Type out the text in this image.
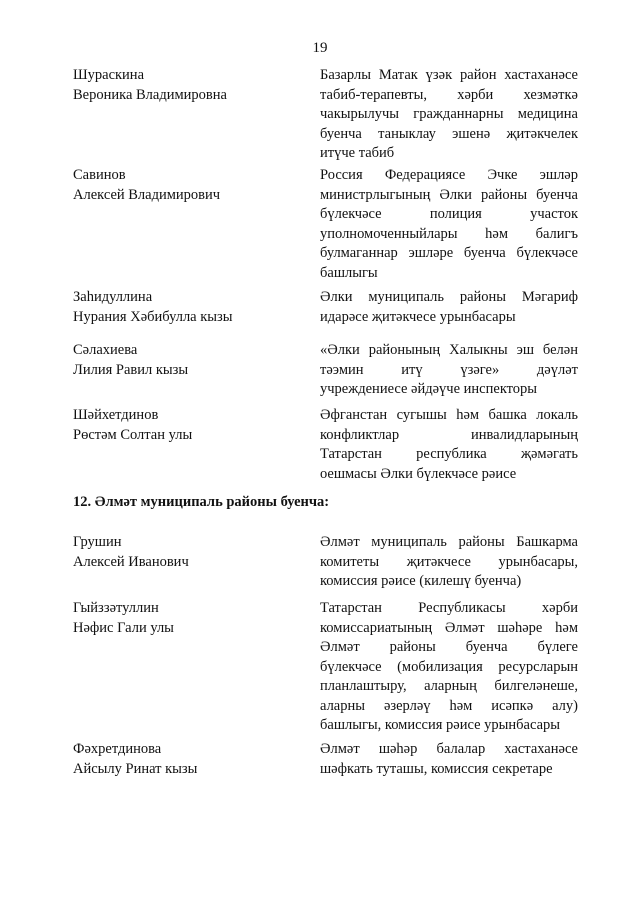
19
Шураскина
Вероника Владимировна
Базарлы Матак үзәк район хастаханәсе
табиб-терапевты, хәрби хезмәткә
чакырылучы гражданнарны медицина
буенча таныклау эшенә җитәкчелек
итүче табиб
Савинов
Алексей Владимирович
Россия Федерациясе Эчке эшләр
министрлыгының Әлки районы буенча
бүлекчәсе полиция участок
уполномоченныйлары һәм балигъ
булмаганнар эшләре буенча бүлекчәсе
башлыгы
Заһидуллина
Нурания Хәбибулла кызы
Әлки муниципаль районы Мәгариф
идарәсе җитәкчесе урынбасары
Сәлахиева
Лилия Равил кызы
«Әлки районының Халыкны эш белән
тәэмин итү үзәге» дәүләт
учреждениесе әйдәүче инспекторы
Шәйхетдинов
Рөстәм Солтан улы
Әфганстан сугышы һәм башка локаль
конфликтлар инвалидларының
Татарстан республика җәмәгать
оешмасы Әлки бүлекчәсе рәисе
12. Әлмәт муниципаль районы буенча:
Грушин
Алексей Иванович
Әлмәт муниципаль районы Башкарма
комитеты җитәкчесе урынбасары,
комиссия рәисе (килешү буенча)
Гыйззәтуллин
Нәфис Гали улы
Татарстан Республикасы хәрби
комиссариатының Әлмәт шәһәре һәм
Әлмәт районы буенча бүлеге
бүлекчәсе (мобилизация ресурсларын
планлаштыру, аларның билгеләнеше,
аларны әзерләү һәм исәпкә алу)
башлыгы, комиссия рәисе урынбасары
Фәхретдинова
Айсылу Ринат кызы
Әлмәт шәһәр балалар хастаханәсе
шәфкать туташы, комиссия секретаре
